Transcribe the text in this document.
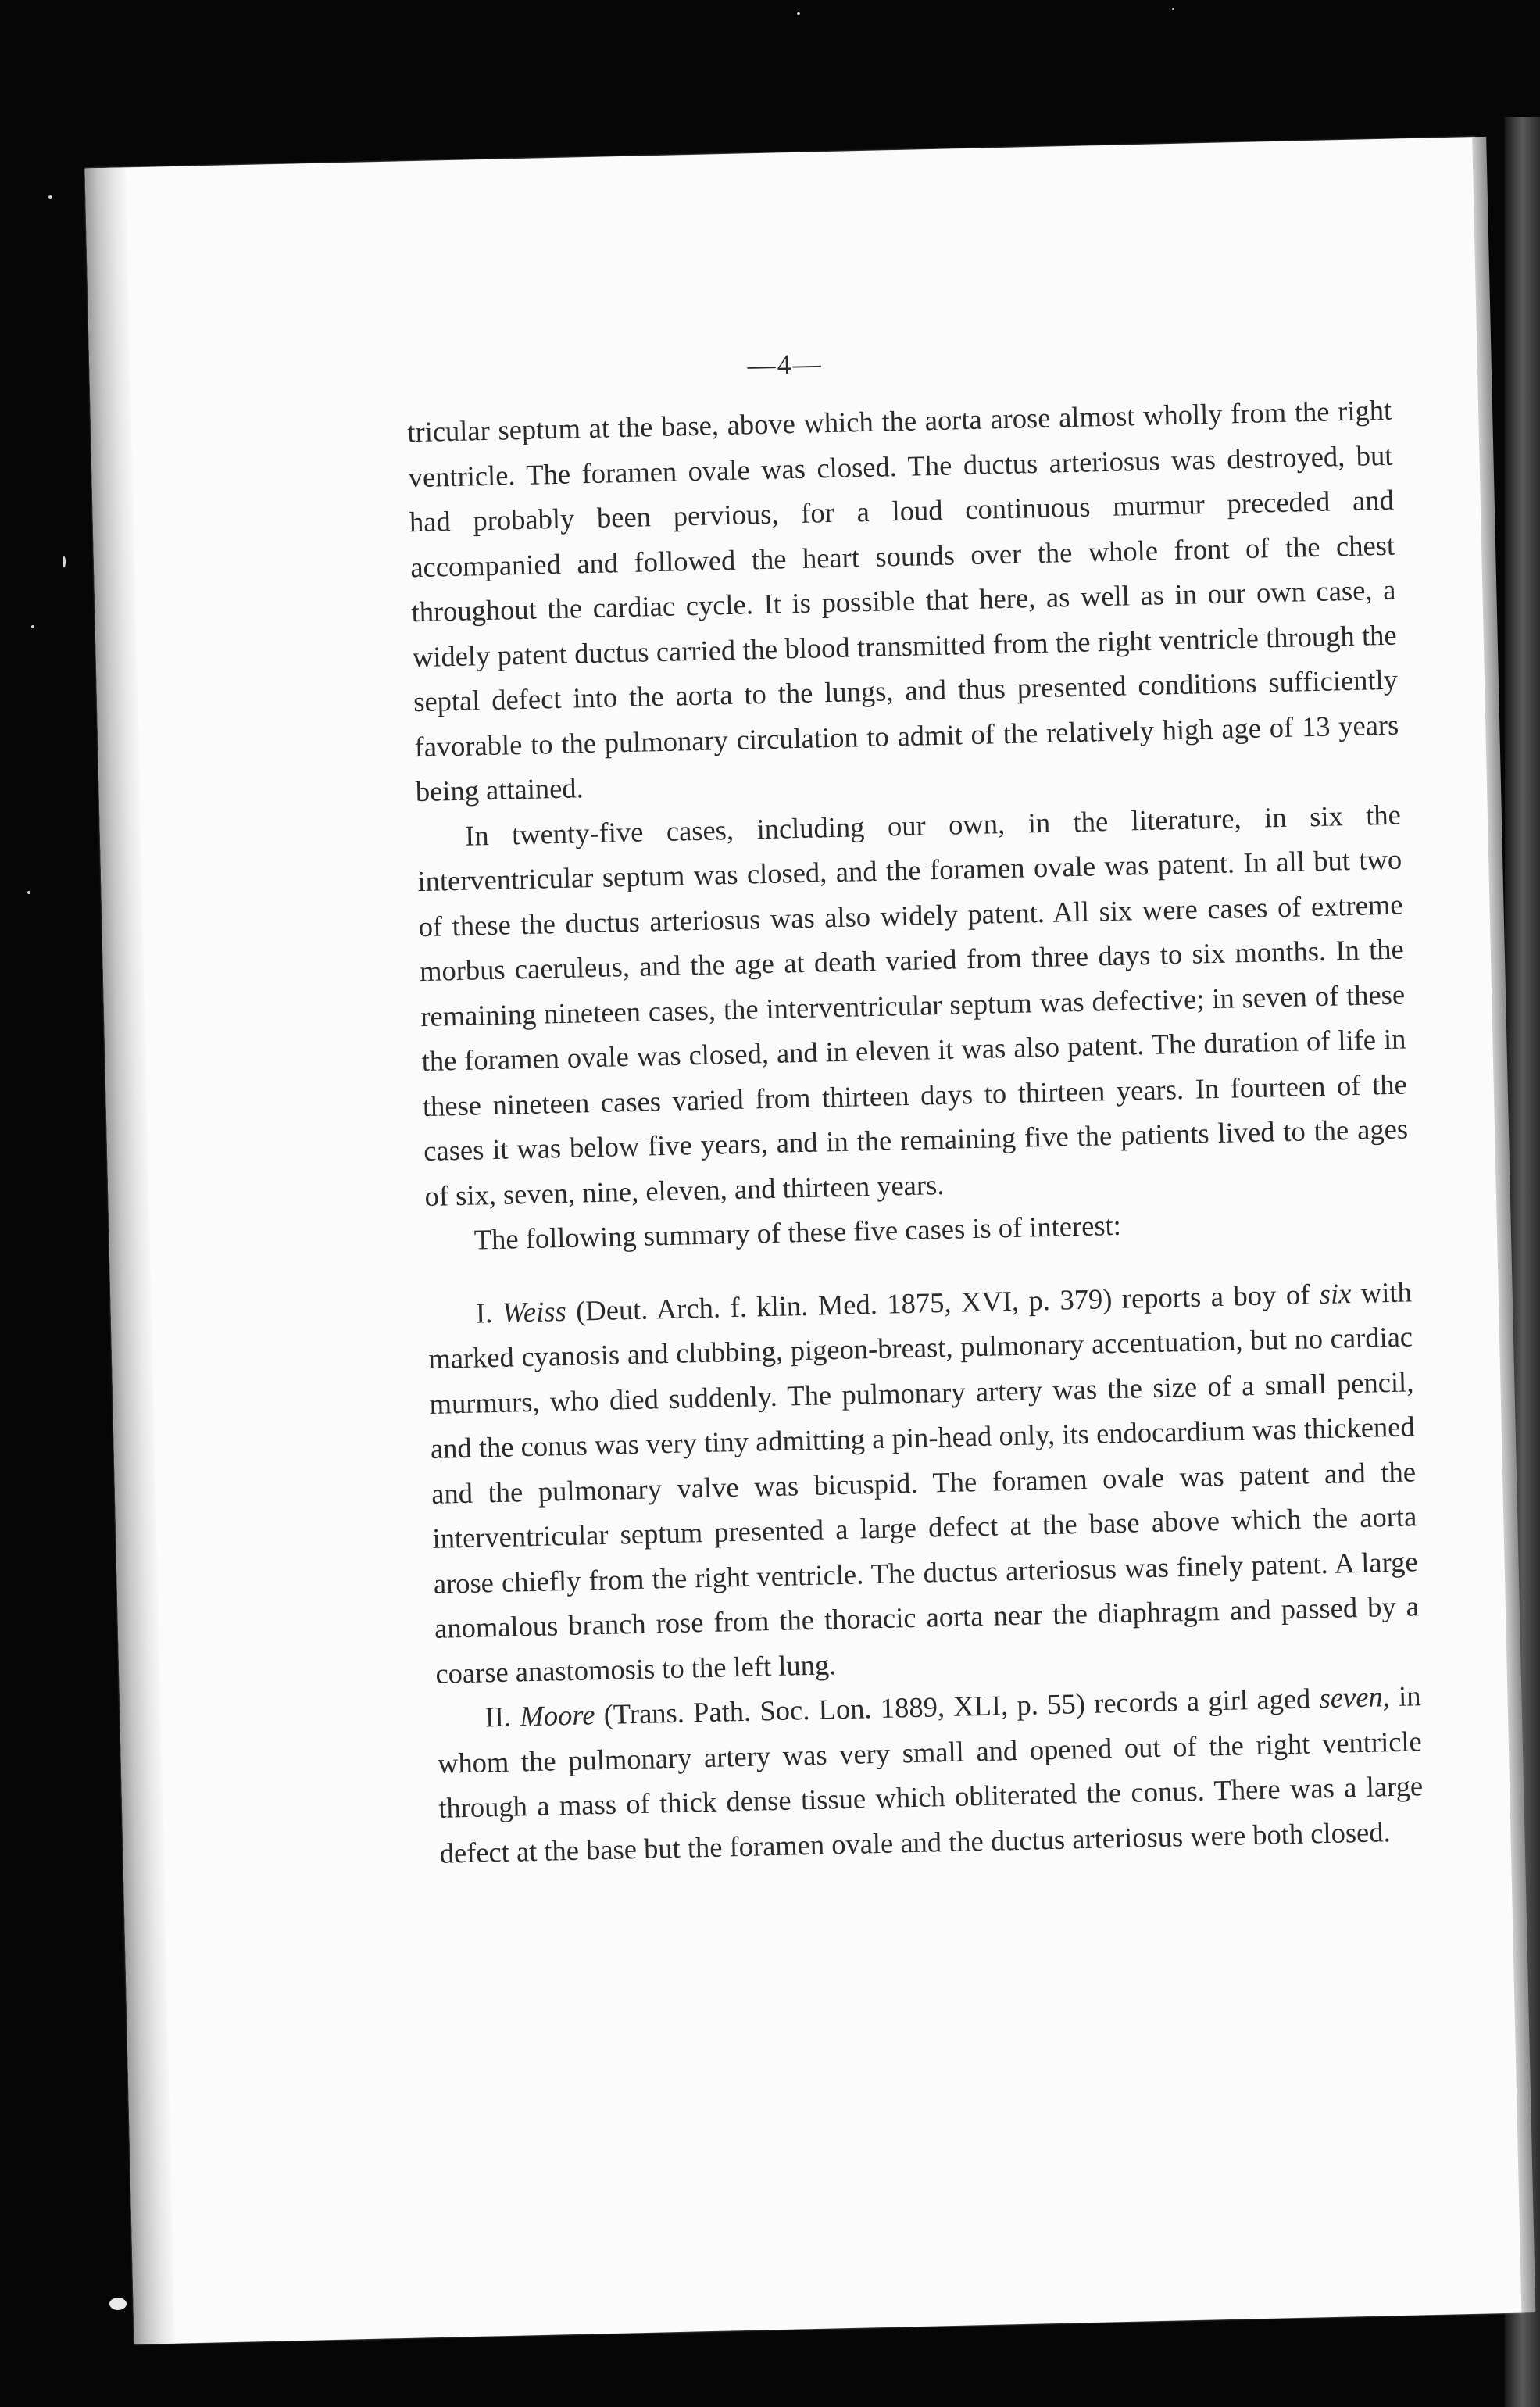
—4—

tricular septum at the base, above which the aorta arose almost wholly from the right ventricle. The foramen ovale was closed. The ductus arteriosus was destroyed, but had probably been pervious, for a loud continuous murmur preceded and accompanied and followed the heart sounds over the whole front of the chest throughout the cardiac cycle. It is possible that here, as well as in our own case, a widely patent ductus carried the blood transmitted from the right ventricle through the septal defect into the aorta to the lungs, and thus presented conditions sufficiently favorable to the pulmonary circulation to admit of the relatively high age of 13 years being attained.

In twenty-five cases, including our own, in the literature, in six the interventricular septum was closed, and the foramen ovale was patent. In all but two of these the ductus arteriosus was also widely patent. All six were cases of extreme morbus caeruleus, and the age at death varied from three days to six months. In the remaining nineteen cases, the interventricular septum was defective; in seven of these the foramen ovale was closed, and in eleven it was also patent. The duration of life in these nineteen cases varied from thirteen days to thirteen years. In fourteen of the cases it was below five years, and in the remaining five the patients lived to the ages of six, seven, nine, eleven, and thirteen years.

The following summary of these five cases is of interest:

I. Weiss (Deut. Arch. f. klin. Med. 1875, XVI, p. 379) reports a boy of six with marked cyanosis and clubbing, pigeon-breast, pulmonary accentuation, but no cardiac murmurs, who died suddenly. The pulmonary artery was the size of a small pencil, and the conus was very tiny admitting a pin-head only, its endocardium was thickened and the pulmonary valve was bicuspid. The foramen ovale was patent and the interventricular septum presented a large defect at the base above which the aorta arose chiefly from the right ventricle. The ductus arteriosus was finely patent. A large anomalous branch rose from the thoracic aorta near the diaphragm and passed by a coarse anastomosis to the left lung.

II. Moore (Trans. Path. Soc. Lon. 1889, XLI, p. 55) records a girl aged seven, in whom the pulmonary artery was very small and opened out of the right ventricle through a mass of thick dense tissue which obliterated the conus. There was a large defect at the base but the foramen ovale and the ductus arteriosus were both closed.
